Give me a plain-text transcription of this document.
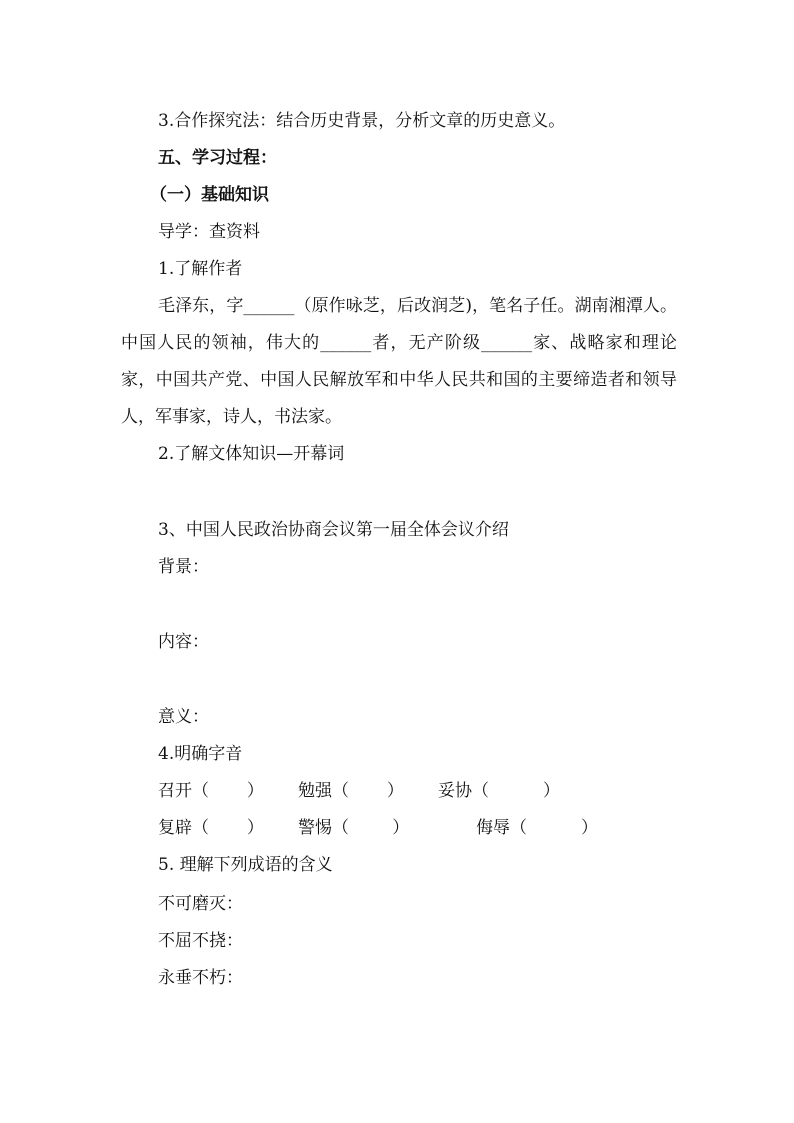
3.合作探究法：结合历史背景，分析文章的历史意义。
五、学习过程：
（一）基础知识
导学：查资料
1.了解作者
毛泽东，字______（原作咏芝，后改润芝)，笔名子任。湖南湘潭人。中国人民的领袖，伟大的______者，无产阶级______家、战略家和理论家，中国共产党、中国人民解放军和中华人民共和国的主要缔造者和领导人，军事家，诗人，书法家。
2.了解文体知识—开幕词
3、中国人民政治协商会议第一届全体会议介绍
背景：
内容：
意义：
4.明确字音
召开（       ） 勉强（       ） 妥协（          ）
复辟（       ） 警惕（        ）	侮辱（          ）
5. 理解下列成语的含义
不可磨灭：
不屈不挠：
永垂不朽：
